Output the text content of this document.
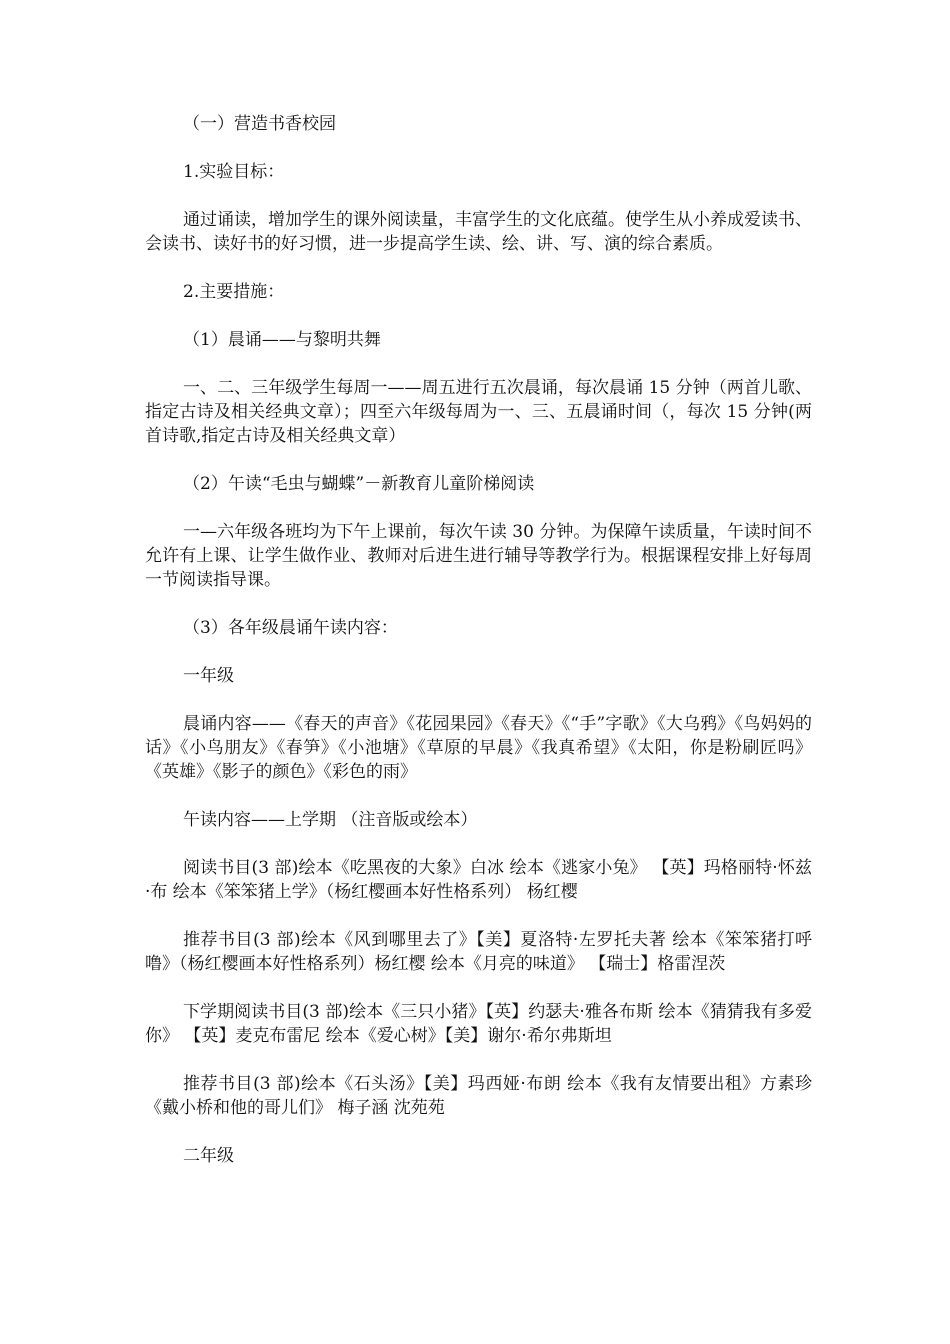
（一）营造书香校园

1.实验目标：

通过诵读，增加学生的课外阅读量，丰富学生的文化底蕴。使学生从小养成爱读书、会读书、读好书的好习惯，进一步提高学生读、绘、讲、写、演的综合素质。

2.主要措施：

（1）晨诵——与黎明共舞

一、二、三年级学生每周一——周五进行五次晨诵，每次晨诵 15 分钟（两首儿歌、指定古诗及相关经典文章）；四至六年级每周为一、三、五晨诵时间（，每次 15 分钟(两首诗歌,指定古诗及相关经典文章）

（2）午读“毛虫与蝴蝶”－新教育儿童阶梯阅读

一—六年级各班均为下午上课前，每次午读 30 分钟。为保障午读质量，午读时间不允许有上课、让学生做作业、教师对后进生进行辅导等教学行为。根据课程安排上好每周一节阅读指导课。

（3）各年级晨诵午读内容：

一年级

晨诵内容——《春天的声音》《花园果园》《春天》《“手”字歌》《大乌鸦》《鸟妈妈的话》《小鸟朋友》《春笋》《小池塘》《草原的早晨》《我真希望》《太阳，你是粉刷匠吗》《英雄》《影子的颜色》《彩色的雨》

午读内容——上学期 （注音版或绘本）

阅读书目(3 部)绘本《吃黑夜的大象》白冰 绘本《逃家小兔》 【英】玛格丽特·怀兹·布 绘本《笨笨猪上学》（杨红樱画本好性格系列） 杨红樱

推荐书目(3 部)绘本《风到哪里去了》【美】夏洛特·左罗托夫著 绘本《笨笨猪打呼噜》（杨红樱画本好性格系列）杨红樱 绘本《月亮的味道》 【瑞士】格雷涅茨

下学期阅读书目(3 部)绘本《三只小猪》【英】约瑟夫·雅各布斯 绘本《猜猜我有多爱你》 【英】麦克布雷尼 绘本《爱心树》【美】谢尔·希尔弗斯坦

推荐书目(3 部)绘本《石头汤》【美】玛西娅·布朗 绘本《我有友情要出租》方素珍《戴小桥和他的哥儿们》 梅子涵 沈苑苑

二年级
